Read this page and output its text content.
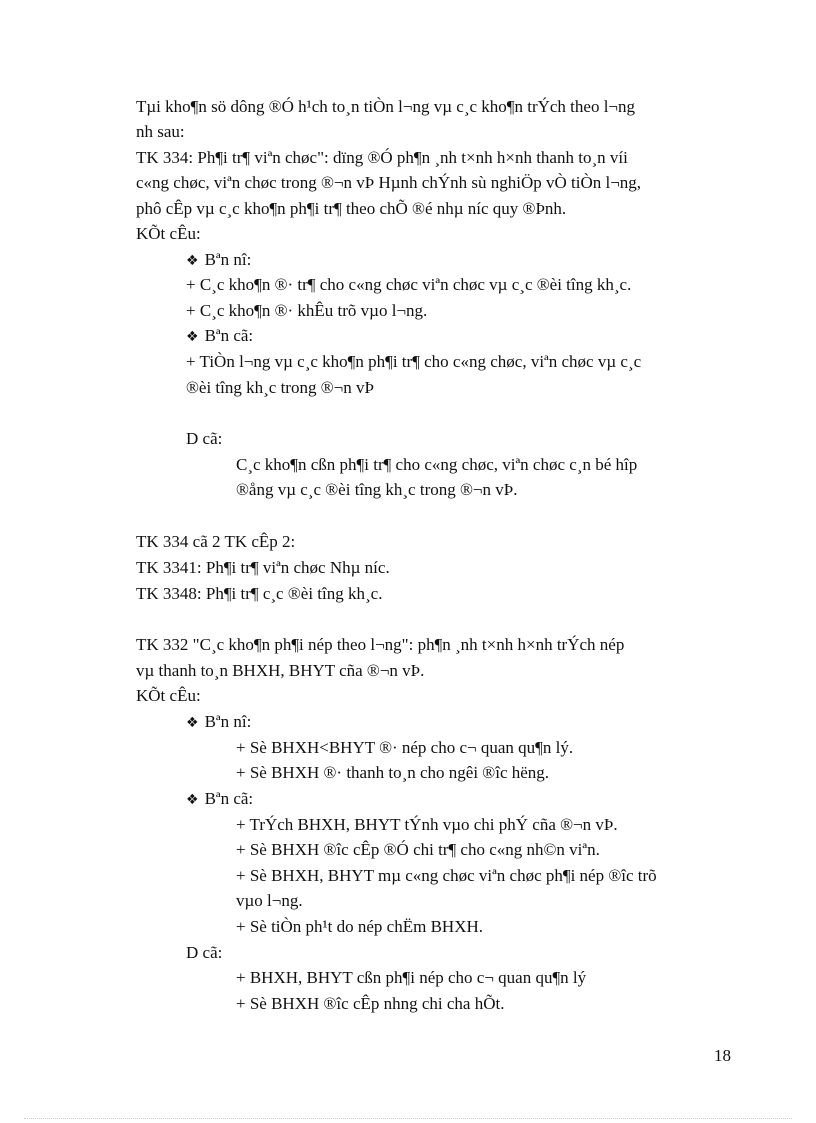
Tµi kho¶n sö dông ®Ó h¹ch to¸n tiÒn l¬ng vµ c¸c kho¶n trÝch theo l¬ng
nh sau:
TK 334: Ph¶i tr¶ viªn chøc": dïng ®Ó ph¶n ¸nh t×nh h×nh thanh to¸n víi
c«ng chøc, viªn chøc trong ®¬n vÞ Hµnh chÝnh sù nghiÖp vÒ tiÒn l¬ng,
phô cÊp vµ c¸c kho¶n ph¶i tr¶ theo chÕ ®é nhµ níc quy ®Þnh.
KÕt cÊu:
❖ Bªn nî:
+ C¸c kho¶n ®· tr¶ cho c«ng chøc viªn chøc vµ c¸c ®èi tîng kh¸c.
+ C¸c kho¶n ®· khÊu trõ vµo l¬ng.
❖ Bªn cã:
+ TiÒn l¬ng vµ c¸c kho¶n ph¶i tr¶ cho c«ng chøc, viªn chøc vµ c¸c
®èi tîng kh¸c trong ®¬n vÞ
D cã:
C¸c kho¶n cßn ph¶i tr¶ cho c«ng chøc, viªn chøc c¸n bé hîp
®ång vµ c¸c ®èi tîng kh¸c trong ®¬n vÞ.
TK 334 cã 2 TK cÊp 2:
TK 3341: Ph¶i tr¶ viªn chøc Nhµ níc.
TK 3348: Ph¶i tr¶ c¸c ®èi tîng kh¸c.
TK 332 "C¸c kho¶n ph¶i nép theo l¬ng": ph¶n ¸nh t×nh h×nh trÝch nép
vµ thanh to¸n BHXH, BHYT cña ®¬n vÞ.
KÕt cÊu:
❖ Bªn nî:
+ Sè BHXH<BHYT ®· nép cho c¬ quan qu¶n lý.
+ Sè BHXH ®· thanh to¸n cho ngêi ®îc hëng.
❖ Bªn cã:
+ TrÝch BHXH, BHYT tÝnh vµo chi phÝ cña ®¬n vÞ.
+ Sè BHXH ®îc cÊp ®Ó chi tr¶ cho c«ng nh©n viªn.
+ Sè BHXH, BHYT mµ c«ng chøc viªn chøc ph¶i nép ®îc trõ
vµo l¬ng.
+ Sè tiÒn ph¹t do nép chËm BHXH.
D cã:
+ BHXH, BHYT cßn ph¶i nép cho c¬ quan qu¶n lý
+ Sè BHXH ®îc cÊp nhng chi cha hÕt.
18
